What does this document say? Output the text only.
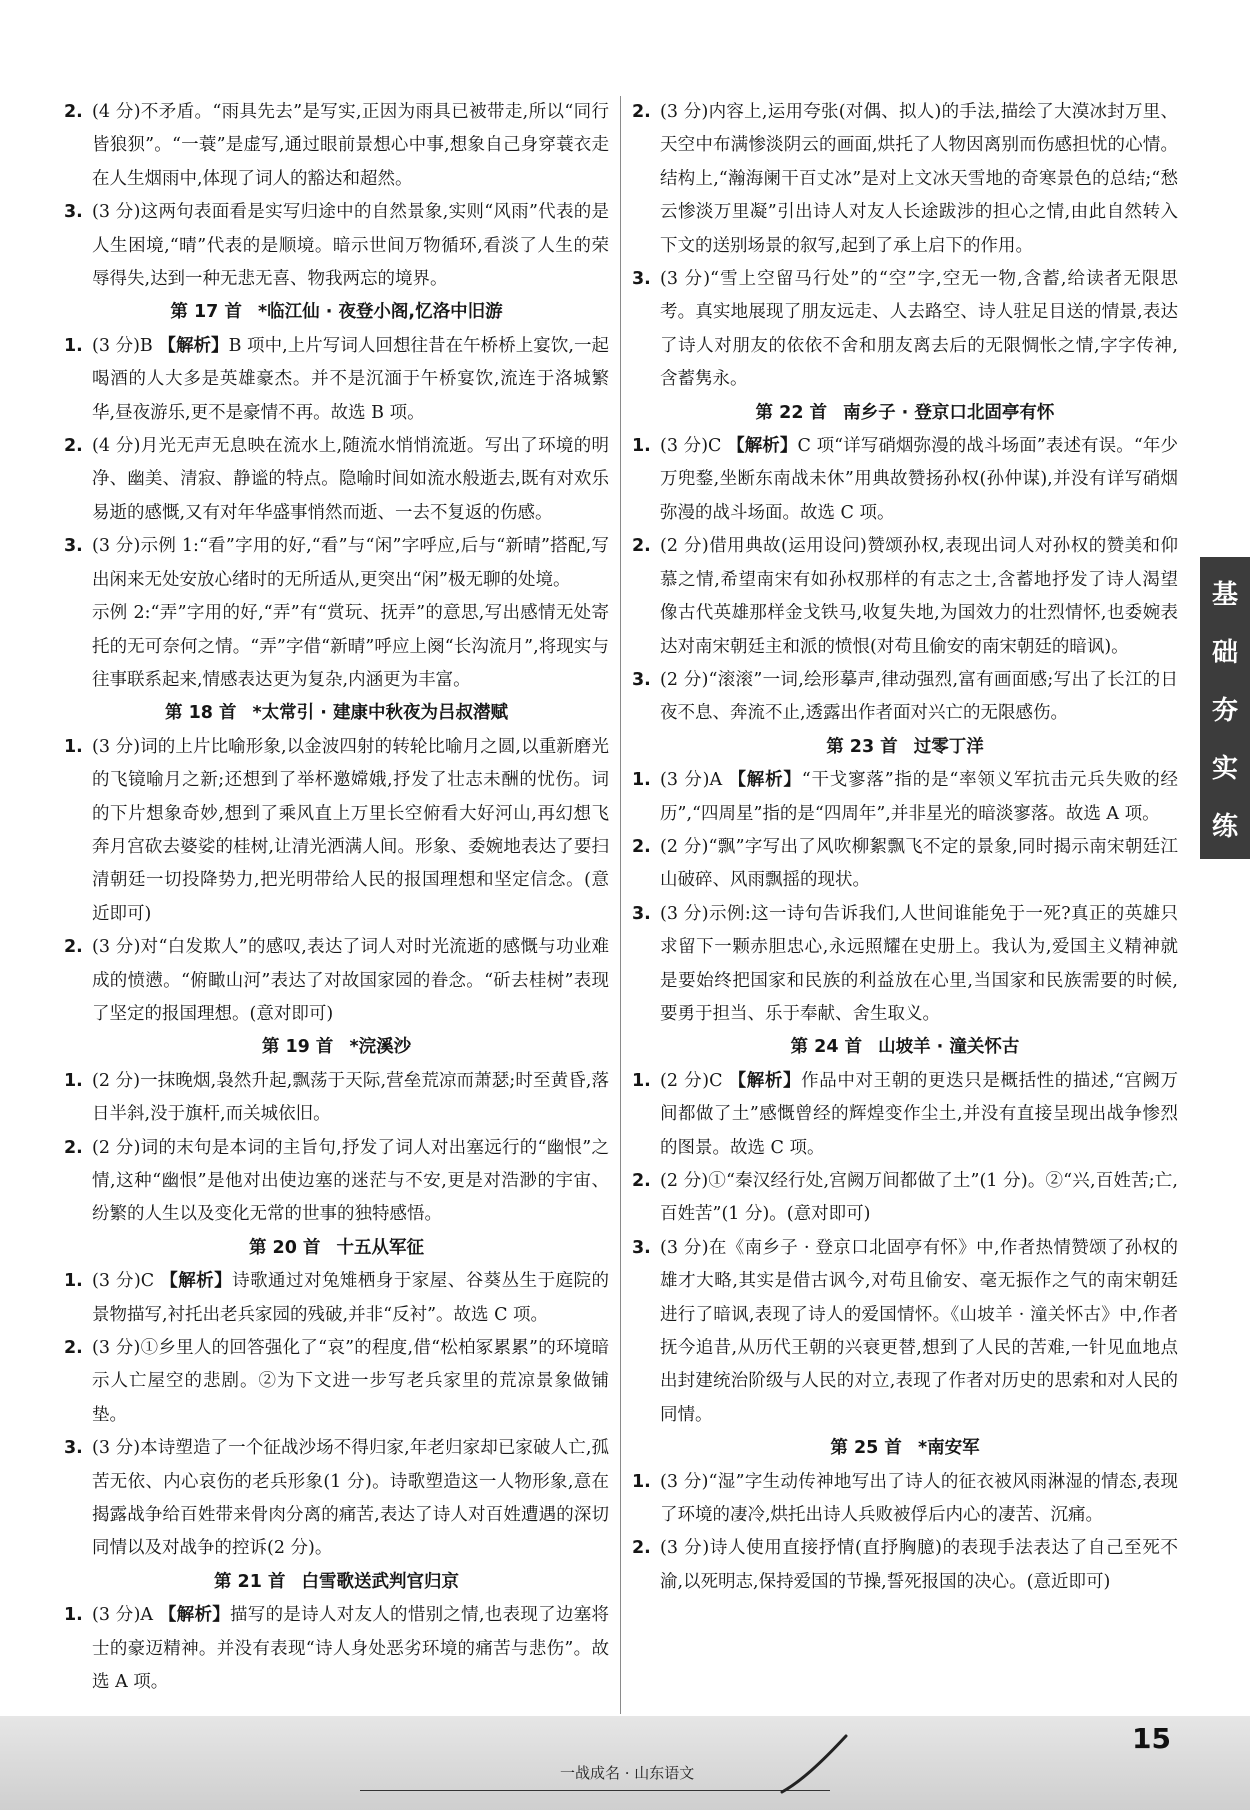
2. (4 分)不矛盾。“雨具先去”是写实,正因为雨具已被带走,所以“同行皆狼狈”。“一蓑”是虚写,通过眼前景想心中事,想象自己身穿蓑衣走在人生烟雨中,体现了词人的豁达和超然。
3. (3 分)这两句表面看是实写归途中的自然景象,实则“风雨”代表的是人生困境,“晴”代表的是顺境。暗示世间万物循环,看淡了人生的荣辱得失,达到一种无悲无喜、物我两忘的境界。
第 17 首 *临江仙 · 夜登小阁,忆洛中旧游
1. (3 分)B 【解析】B 项中,上片写词人回想往昔在午桥桥上宴饮,一起喝酒的人大多是英雄豪杰。并不是沉湎于午桥宴饮,流连于洛城繁华,昼夜游乐,更不是豪情不再。故选 B 项。
2. (4 分)月光无声无息映在流水上,随流水悄悄流逝。写出了环境的明净、幽美、清寂、静谧的特点。隐喻时间如流水般逝去,既有对欢乐易逝的感慨,又有对年华盛事悄然而逝、一去不复返的伤感。
3. (3 分)示例 1:“看”字用的好,“看”与“闲”字呼应,后与“新晴”搭配,写出闲来无处安放心绪时的无所适从,更突出“闲”极无聊的处境。
示例 2:“弄”字用的好,“弄”有“赏玩、抚弄”的意思,写出感情无处寄托的无可奈何之情。“弄”字借“新晴”呼应上阕“长沟流月”,将现实与往事联系起来,情感表达更为复杂,内涵更为丰富。
第 18 首 *太常引 · 建康中秋夜为吕叔潜赋
1. (3 分)词的上片比喻形象,以金波四射的转轮比喻月之圆,以重新磨光的飞镜喻月之新;还想到了举杯邀嫦娥,抒发了壮志未酬的忧伤。词的下片想象奇妙,想到了乘风直上万里长空俯看大好河山,再幻想飞奔月宫砍去婆娑的桂树,让清光洒满人间。形象、委婉地表达了要扫清朝廷一切投降势力,把光明带给人民的报国理想和坚定信念。(意近即可)
2. (3 分)对“白发欺人”的感叹,表达了词人对时光流逝的感慨与功业难成的愤懑。“俯瞰山河”表达了对故国家园的眷念。“斫去桂树”表现了坚定的报国理想。(意对即可)
第 19 首 *浣溪沙
1. (2 分)一抹晚烟,袅然升起,飘荡于天际,营垒荒凉而萧瑟;时至黄昏,落日半斜,没于旗杆,而关城依旧。
2. (2 分)词的末句是本词的主旨句,抒发了词人对出塞远行的“幽恨”之情,这种“幽恨”是他对出使边塞的迷茫与不安,更是对浩渺的宇宙、纷繁的人生以及变化无常的世事的独特感悟。
第 20 首 十五从军征
1. (3 分)C 【解析】诗歌通过对兔雉栖身于家屋、谷葵丛生于庭院的景物描写,衬托出老兵家园的残破,并非“反衬”。故选 C 项。
2. (3 分)①乡里人的回答强化了“哀”的程度,借“松柏冢累累”的环境暗示人亡屋空的悲剧。②为下文进一步写老兵家里的荒凉景象做铺垫。
3. (3 分)本诗塑造了一个征战沙场不得归家,年老归家却已家破人亡,孤苦无依、内心哀伤的老兵形象(1 分)。诗歌塑造这一人物形象,意在揭露战争给百姓带来骨肉分离的痛苦,表达了诗人对百姓遭遇的深切同情以及对战争的控诉(2 分)。
第 21 首 白雪歌送武判官归京
1. (3 分)A 【解析】描写的是诗人对友人的惜别之情,也表现了边塞将士的豪迈精神。并没有表现“诗人身处恶劣环境的痛苦与悲伤”。故选 A 项。
2. (3 分)内容上,运用夸张(对偶、拟人)的手法,描绘了大漠冰封万里、天空中布满惨淡阴云的画面,烘托了人物因离别而伤感担忧的心情。结构上,“瀚海阑干百丈冰”是对上文冰天雪地的奇寒景色的总结;“愁云惨淡万里凝”引出诗人对友人长途跋涉的担心之情,由此自然转入下文的送别场景的叙写,起到了承上启下的作用。
3. (3 分)“雪上空留马行处”的“空”字,空无一物,含蓄,给读者无限思考。真实地展现了朋友远走、人去路空、诗人驻足目送的情景,表达了诗人对朋友的依依不舍和朋友离去后的无限惆怅之情,字字传神,含蓄隽永。
第 22 首 南乡子 · 登京口北固亭有怀
1. (3 分)C 【解析】C 项“详写硝烟弥漫的战斗场面”表述有误。“年少万兜鍪,坐断东南战未休”用典故赞扬孙权(孙仲谋),并没有详写硝烟弥漫的战斗场面。故选 C 项。
2. (2 分)借用典故(运用设问)赞颂孙权,表现出词人对孙权的赞美和仰慕之情,希望南宋有如孙权那样的有志之士,含蓄地抒发了诗人渴望像古代英雄那样金戈铁马,收复失地,为国效力的壮烈情怀,也委婉表达对南宋朝廷主和派的愤恨(对苟且偷安的南宋朝廷的暗讽)。
3. (2 分)“滚滚”一词,绘形摹声,律动强烈,富有画面感;写出了长江的日夜不息、奔流不止,透露出作者面对兴亡的无限感伤。
第 23 首 过零丁洋
1. (3 分)A 【解析】“干戈寥落”指的是“率领义军抗击元兵失败的经历”,“四周星”指的是“四周年”,并非星光的暗淡寥落。故选 A 项。
2. (2 分)“飘”字写出了风吹柳絮飘飞不定的景象,同时揭示南宋朝廷江山破碎、风雨飘摇的现状。
3. (3 分)示例:这一诗句告诉我们,人世间谁能免于一死?真正的英雄只求留下一颗赤胆忠心,永远照耀在史册上。我认为,爱国主义精神就是要始终把国家和民族的利益放在心里,当国家和民族需要的时候,要勇于担当、乐于奉献、舍生取义。
第 24 首 山坡羊 · 潼关怀古
1. (2 分)C 【解析】作品中对王朝的更迭只是概括性的描述,“宫阙万间都做了土”感慨曾经的辉煌变作尘土,并没有直接呈现出战争惨烈的图景。故选 C 项。
2. (2 分)①“秦汉经行处,宫阙万间都做了土”(1 分)。②“兴,百姓苦;亡,百姓苦”(1 分)。(意对即可)
3. (3 分)在《南乡子 · 登京口北固亭有怀》中,作者热情赞颂了孙权的雄才大略,其实是借古讽今,对苟且偷安、毫无振作之气的南宋朝廷进行了暗讽,表现了诗人的爱国情怀。《山坡羊 · 潼关怀古》中,作者抚今追昔,从历代王朝的兴衰更替,想到了人民的苦难,一针见血地点出封建统治阶级与人民的对立,表现了作者对历史的思索和对人民的同情。
第 25 首 *南安军
1. (3 分)“湿”字生动传神地写出了诗人的征衣被风雨淋湿的情态,表现了环境的凄冷,烘托出诗人兵败被俘后内心的凄苦、沉痛。
2. (3 分)诗人使用直接抒情(直抒胸臆)的表现手法表达了自己至死不渝,以死明志,保持爱国的节操,誓死报国的决心。(意近即可)
基
础
夯
实
练
一战成名 · 山东语文
15
